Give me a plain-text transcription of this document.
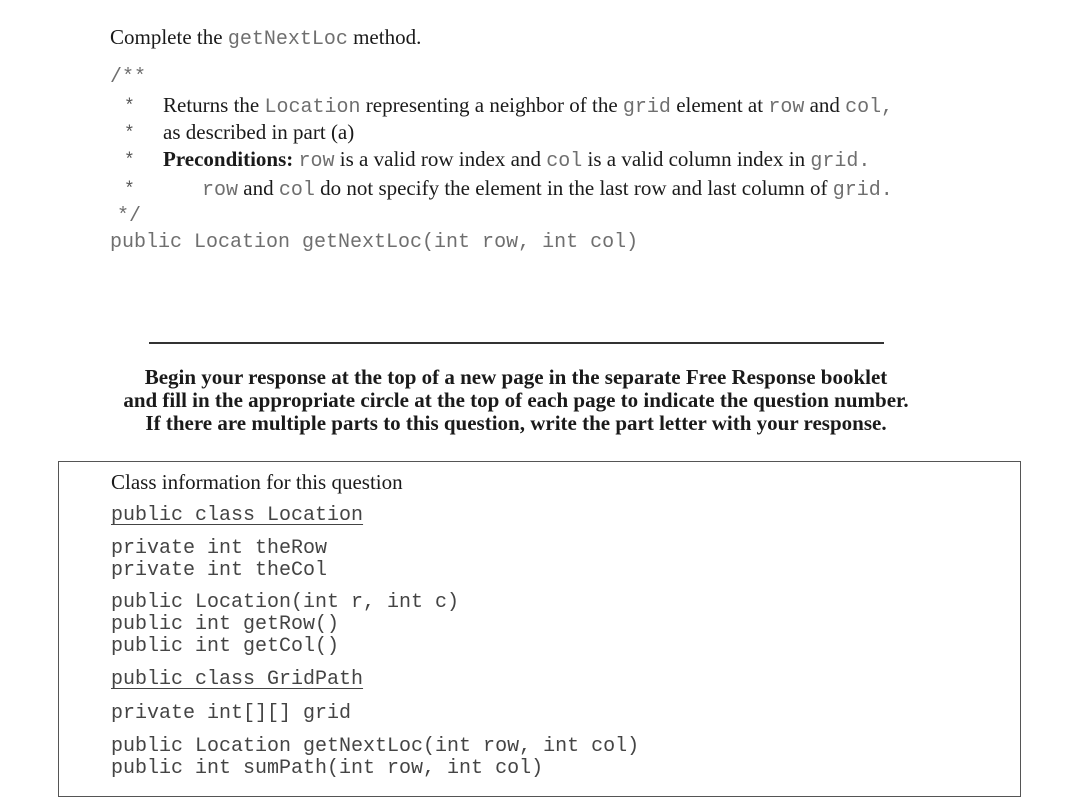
Complete the getNextLoc method.
/**
* Returns the Location representing a neighbor of the grid element at row and col,
* as described in part (a)
* Preconditions: row is a valid row index and col is a valid column index in grid.
*	row and col do not specify the element in the last row and last column of grid.
*/
public Location getNextLoc(int row, int col)
Begin your response at the top of a new page in the separate Free Response booklet
and fill in the appropriate circle at the top of each page to indicate the question number.
If there are multiple parts to this question, write the part letter with your response.
Class information for this question
public class Location
private int theRow
private int theCol
public Location(int r, int c)
public int getRow()
public int getCol()
public class GridPath
private int[][] grid
public Location getNextLoc(int row, int col)
public int sumPath(int row, int col)
